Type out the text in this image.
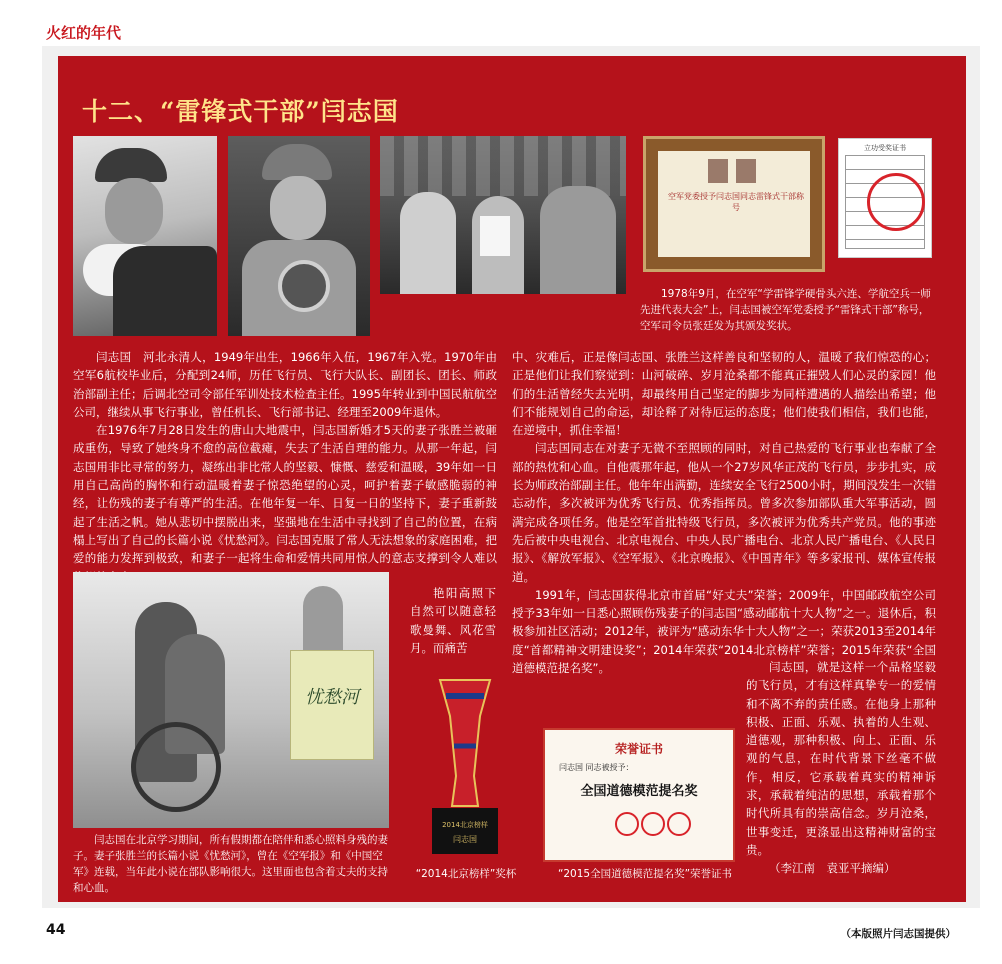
火红的年代
十二、“雷锋式干部”闫志国
空军党委授予闫志国同志雷锋式干部称号
立功受奖证书

1978年9月，在空军“学雷锋学硬骨头六连、学航空兵一师先进代表大会”上，闫志国被空军党委授予“雷锋式干部”称号，空军司令员张廷发为其颁发奖状。

闫志国　河北永清人，1949年出生，1966年入伍，1967年入党。1970年由空军6航校毕业后，分配到24师，历任飞行员、飞行大队长、副团长、团长、师政治部副主任；后调北空司令部任军训处技术检查主任。1995年转业到中国民航航空公司，继续从事飞行事业，曾任机长、飞行部书记、经理至2009年退休。

在1976年7月28日发生的唐山大地震中，闫志国新婚才5天的妻子张胜兰被砸成重伤，导致了她终身不愈的高位截瘫，失去了生活自理的能力。从那一年起，闫志国用非比寻常的努力，凝练出非比常人的坚毅、慷慨、慈爱和温暖，39年如一日用自己高尚的胸怀和行动温暖着妻子惊恐绝望的心灵，呵护着妻子敏感脆弱的神经，让伤残的妻子有尊严的生活。在他年复一年、日复一日的坚持下，妻子重新鼓起了生活之帆。她从悲切中摆脱出来，坚强地在生活中寻找到了自己的位置，在病榻上写出了自己的长篇小说《忧愁河》。闫志国克服了常人无法想象的家庭困难，把爱的能力发挥到极致，和妻子一起将生命和爱情共同用惊人的意志支撑到令人难以

忧愁河

艳阳高照下自然可以随意轻歌曼舞、风花雪月。而痛苦

闫志国在北京学习期间，所有假期都在陪伴和悉心照料身残的妻子。妻子张胜兰的长篇小说《忧愁河》，曾在《空军报》和《中国空军》连载，当年此小说在部队影响很大。这里面也包含着丈夫的支持和心血。

中、灾难后，正是像闫志国、张胜兰这样善良和坚韧的人，温暖了我们惊恐的心；正是他们让我们察觉到：山河破碎、岁月沧桑都不能真正摧毁人们心灵的家园！他们的生活曾经失去光明，却最终用自己坚定的脚步为同样遭遇的人描绘出希望；他们不能规划自己的命运，却诠释了对待厄运的态度；他们使我们相信，我们也能，在逆境中，抓住幸福！

闫志国同志在对妻子无微不至照顾的同时，对自己热爱的飞行事业也奉献了全部的热忱和心血。自他震那年起，他从一个27岁风华正茂的飞行员，步步扎实，成长为师政治部副主任。他年年出满勤，连续安全飞行2500小时，期间没发生一次错忘动作，多次被评为优秀飞行员、优秀指挥员。曾多次参加部队重大军事活动，圆满完成各项任务。他是空军首批特级飞行员，多次被评为优秀共产党员。他的事迹先后被中央电视台、北京电视台、中央人民广播电台、北京人民广播电台、《人民日报》、《解放军报》、《空军报》、《北京晚报》、《中国青年》等多家报刊、媒体宣传报道。

1991年，闫志国获得北京市首届“好丈夫”荣誉；2009年，中国邮政航空公司授予33年如一日悉心照顾伤残妻子的闫志国“感动邮航十大人物”之一。退休后，积极参加社区活动；2012年，被评为“感动东华十大人物”之一；荣获2013至2014年度“首都精神文明建设奖”；2014年荣获“2014北京榜样”荣誉；2015年荣获“全国道德模范提名奖”。	闫志国，就是这样一个品格坚毅的飞行员，才有这样真挚专一的爱情和不离不弃的责任感。在他身上那种积极、正面、乐观、执着的人生观、道德观，那种积极、向上、正面、乐观的气息，在时代背景下丝毫不做作，相反，它承载着真实的精神诉求，承载着纯洁的思想，承载着那个时代所具有的崇高信念。岁月沧桑，世事变迁，更涤显出这精神财富的宝贵。

（李江南　袁亚平摘编）

2014北京榜样
闫志国

“2014北京榜样”奖杯

荣誉证书
闫志国 同志被授予：
全国道德模范提名奖

“2015全国道德模范提名奖”荣誉证书

44	（本版照片闫志国提供）
